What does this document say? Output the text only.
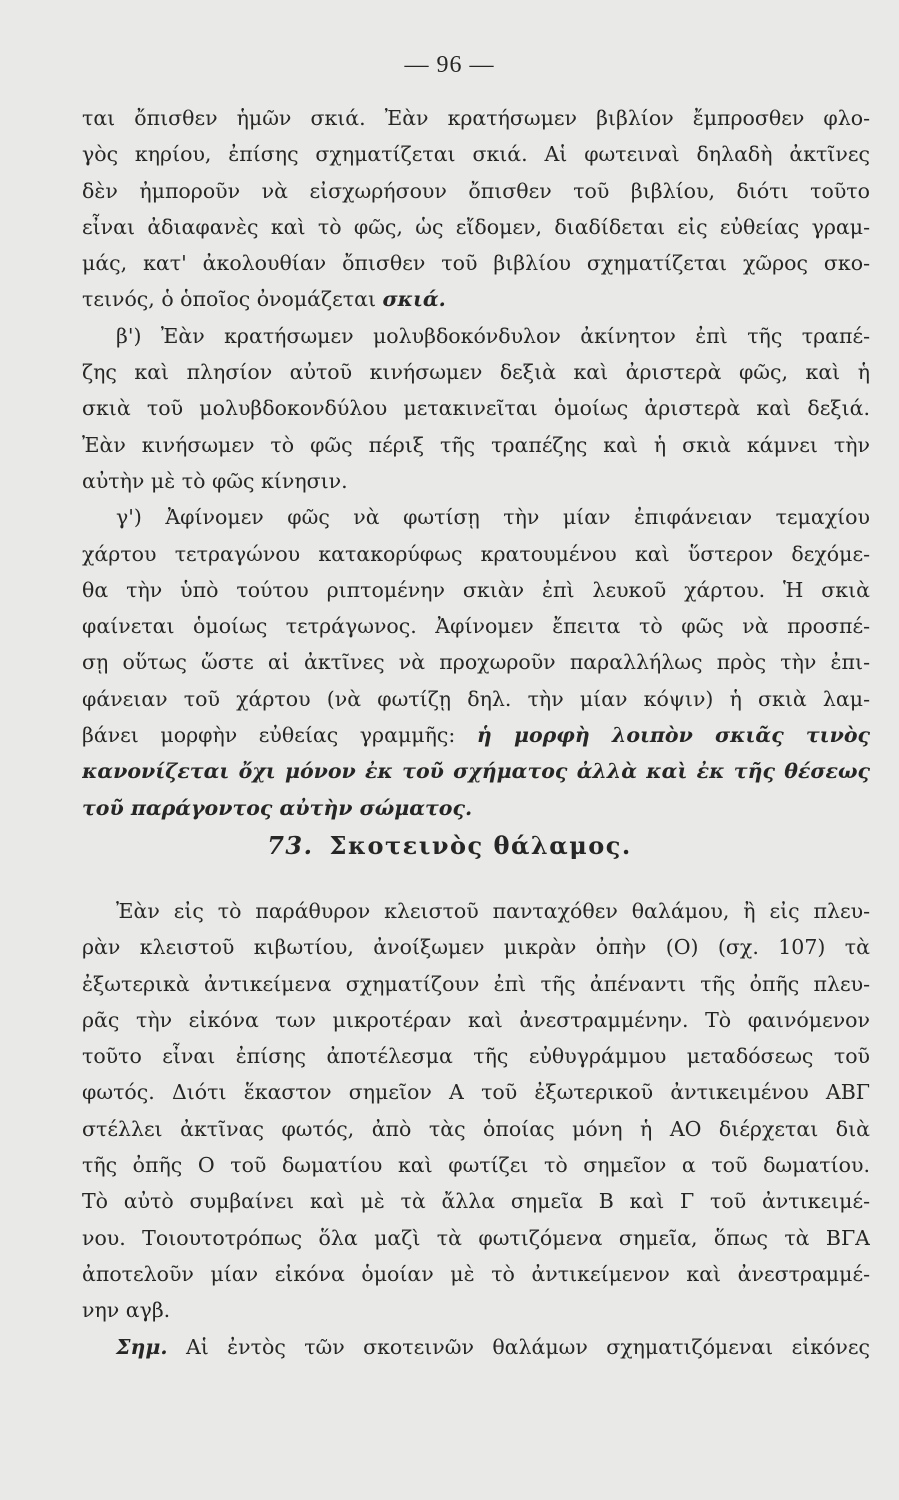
— 96 —
ται ὄπισθεν ἡμῶν σκιά. Ἐὰν κρατήσωμεν βιβλίον ἔμπροσθεν φλο-
γὸς κηρίου, ἐπίσης σχηματίζεται σκιά. Αἱ φωτειναὶ δηλαδὴ ἀκτῖνες
δὲν ἠμποροῦν νὰ εἰσχωρήσουν ὄπισθεν τοῦ βιβλίου, διότι τοῦτο
εἶναι ἀδιαφανὲς καὶ τὸ φῶς, ὡς εἴδομεν, διαδίδεται εἰς εὐθείας γραμ-
μάς, κατ' ἀκολουθίαν ὄπισθεν τοῦ βιβλίου σχηματίζεται χῶρος σκο-
τεινός, ὁ ὁποῖος ὀνομάζεται σκιά.
β') Ἐὰν κρατήσωμεν μολυβδοκόνδυλον ἀκίνητον ἐπὶ τῆς τραπέ-
ζης καὶ πλησίον αὐτοῦ κινήσωμεν δεξιὰ καὶ ἀριστερὰ φῶς, καὶ ἡ
σκιὰ τοῦ μολυβδοκονδύλου μετακινεῖται ὁμοίως ἀριστερὰ καὶ δεξιά.
Ἐὰν κινήσωμεν τὸ φῶς πέριξ τῆς τραπέζης καὶ ἡ σκιὰ κάμνει τὴν
αὐτὴν μὲ τὸ φῶς κίνησιν.
γ') Ἀφίνομεν φῶς νὰ φωτίσῃ τὴν μίαν ἐπιφάνειαν τεμαχίου
χάρτου τετραγώνου κατακορύφως κρατουμένου καὶ ὕστερον δεχόμε-
θα τὴν ὑπὸ τούτου ριπτομένην σκιὰν ἐπὶ λευκοῦ χάρτου. Ἡ σκιὰ
φαίνεται ὁμοίως τετράγωνος. Ἀφίνομεν ἔπειτα τὸ φῶς νὰ προσπέ-
σῃ οὕτως ὥστε αἱ ἀκτῖνες νὰ προχωροῦν παραλλήλως πρὸς τὴν ἐπι-
φάνειαν τοῦ χάρτου (νὰ φωτίζῃ δηλ. τὴν μίαν κόψιν) ἡ σκιὰ λαμ-
βάνει μορφὴν εὐθείας γραμμῆς: ἡ μορφὴ λοιπὸν σκιᾶς τινὸς
κανονίζεται ὄχι μόνον ἐκ τοῦ σχήματος ἀλλὰ καὶ ἐκ τῆς θέσεως
τοῦ παράγοντος αὐτὴν σώματος.
73. Σκοτεινὸς θάλαμος.
Ἐὰν εἰς τὸ παράθυρον κλειστοῦ πανταχόθεν θαλάμου, ἢ εἰς πλευ-
ρὰν κλειστοῦ κιβωτίου, ἀνοίξωμεν μικρὰν ὀπὴν (Ο) (σχ. 107) τὰ
ἐξωτερικὰ ἀντικείμενα σχηματίζουν ἐπὶ τῆς ἀπέναντι τῆς ὀπῆς πλευ-
ρᾶς τὴν εἰκόνα των μικροτέραν καὶ ἀνεστραμμένην. Τὸ φαινόμενον
τοῦτο εἶναι ἐπίσης ἀποτέλεσμα τῆς εὐθυγράμμου μεταδόσεως τοῦ
φωτός. Διότι ἕκαστον σημεῖον Α τοῦ ἐξωτερικοῦ ἀντικειμένου ΑΒΓ
στέλλει ἀκτῖνας φωτός, ἀπὸ τὰς ὁποίας μόνη ἡ ΑΟ διέρχεται διὰ
τῆς ὀπῆς Ο τοῦ δωματίου καὶ φωτίζει τὸ σημεῖον α τοῦ δωματίου.
Τὸ αὐτὸ συμβαίνει καὶ μὲ τὰ ἄλλα σημεῖα Β καὶ Γ τοῦ ἀντικειμέ-
νου. Τοιουτοτρόπως ὅλα μαζὶ τὰ φωτιζόμενα σημεῖα, ὅπως τὰ ΒΓΑ
ἀποτελοῦν μίαν εἰκόνα ὁμοίαν μὲ τὸ ἀντικείμενον καὶ ἀνεστραμμέ-
νην αγβ.
Σημ. Αἱ ἐντὸς τῶν σκοτεινῶν θαλάμων σχηματιζόμεναι εἰκόνες
